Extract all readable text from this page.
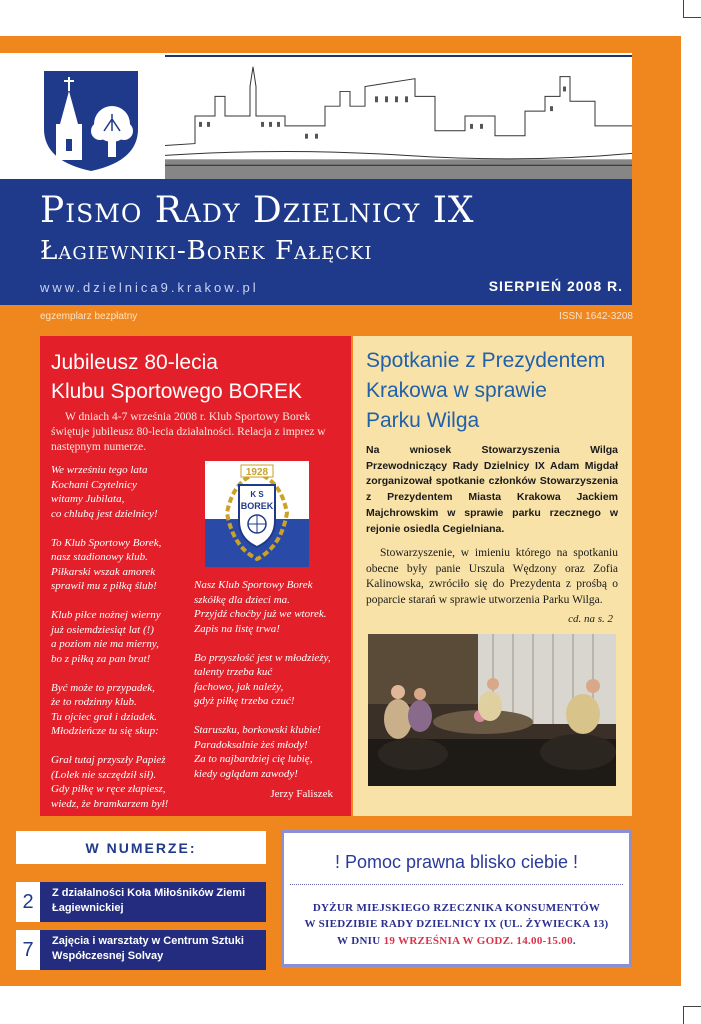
Pismo Rady Dzielnicy IX
Łagiewniki-Borek Fałęcki
www.dzielnica9.krakow.pl	SIERPIEŃ 2008 R.
egzemplarz bezpłatny	ISSN 1642-3208
Jubileusz 80-lecia
Klubu Sportowego BOREK
W dniach 4-7 września 2008 r. Klub Sportowy Borek świętuje jubileusz 80-lecia działalności. Relacja z imprez w następnym numerze.
We wrześniu tego lata
Kochani Czytelnicy
witamy Jubilata,
co chlubą jest dzielnicy!

To Klub Sportowy Borek,
nasz stadionowy klub.
Piłkarski wszak amorek
sprawił mu z piłką ślub!

Klub piłce nożnej wierny
już osiemdziesiąt lat (!)
a poziom nie ma mierny,
bo z piłką za pan brat!

Być może to przypadek,
że to rodzinny klub.
Tu ojciec grał i dziadek.
Młodzieńcze tu się skup:

Grał tutaj przyszły Papież
(Lolek nie szczędził sił).
Gdy piłkę w ręce złapiesz,
wiedz, że bramkarzem był!
Nasz Klub Sportowy Borek
szkółkę dla dzieci ma.
Przyjdź choćby już we wtorek.
Zapis na listę trwa!

Bo przyszłość jest w młodzieży,
talenty trzeba kuć
fachowo, jak należy,
gdyż piłkę trzeba czuć!

Staruszku, borkowski klubie!
Paradoksalnie żeś młody!
Za to najbardziej cię lubię,
kiedy oglądam zawody!
Jerzy Faliszek
1928
K S
BOREK
Spotkanie z Prezydentem
Krakowa w sprawie
Parku Wilga
Na wniosek Stowarzyszenia Wilga Przewodniczący Rady Dzielnicy IX Adam Migdał zorganizował spotkanie członków Stowarzyszenia z Prezydentem Miasta Krakowa Jackiem Majchrowskim w sprawie parku rzecznego w rejonie osiedla Cegielniana.
Stowarzyszenie, w imieniu którego na spotkaniu obecne były panie Urszula Wędzony oraz Zofia Kalinowska, zwróciło się do Prezydenta z prośbą o poparcie starań w sprawie utworzenia Parku Wilga.
cd. na s. 2
W NUMERZE:
2	Z działalności Koła Miłośników Ziemi Łagiewnickiej
7	Zajęcia i warsztaty w Centrum Sztuki Współczesnej Solvay
! Pomoc prawna blisko ciebie !
DYŻUR MIEJSKIEGO RZECZNIKA KONSUMENTÓW
W SIEDZIBIE RADY DZIELNICY IX (UL. ŻYWIECKA 13)
W DNIU 19 WRZEŚNIA W GODZ. 14.00-15.00.
